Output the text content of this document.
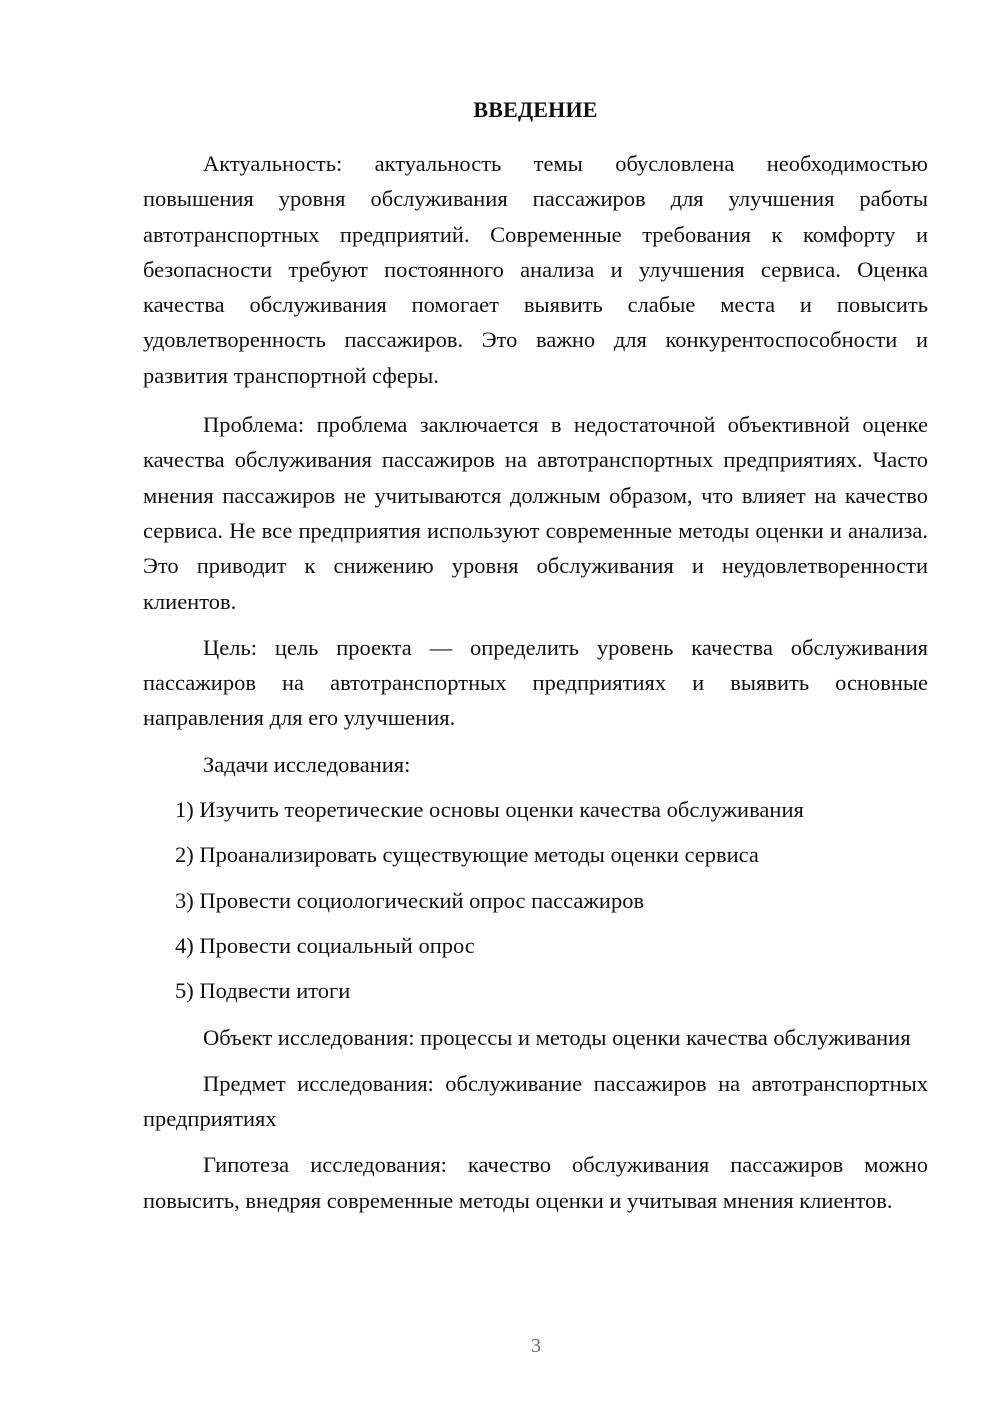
ВВЕДЕНИЕ

Актуальность: актуальность темы обусловлена необходимостью повышения уровня обслуживания пассажиров для улучшения работы автотранспортных предприятий. Современные требования к комфорту и безопасности требуют постоянного анализа и улучшения сервиса. Оценка качества обслуживания помогает выявить слабые места и повысить удовлетворенность пассажиров. Это важно для конкурентоспособности и развития транспортной сферы.

Проблема: проблема заключается в недостаточной объективной оценке качества обслуживания пассажиров на автотранспортных предприятиях. Часто мнения пассажиров не учитываются должным образом, что влияет на качество сервиса. Не все предприятия используют современные методы оценки и анализа. Это приводит к снижению уровня обслуживания и неудовлетворенности клиентов.

Цель: цель проекта — определить уровень качества обслуживания пассажиров на автотранспортных предприятиях и выявить основные направления для его улучшения.

Задачи исследования:

1) Изучить теоретические основы оценки качества обслуживания

2) Проанализировать существующие методы оценки сервиса

3) Провести социологический опрос пассажиров

4) Провести социальный опрос

5) Подвести итоги

Объект исследования: процессы и методы оценки качества обслуживания

Предмет исследования: обслуживание пассажиров на автотранспортных предприятиях

Гипотеза исследования: качество обслуживания пассажиров можно повысить, внедряя современные методы оценки и учитывая мнения клиентов.

3
